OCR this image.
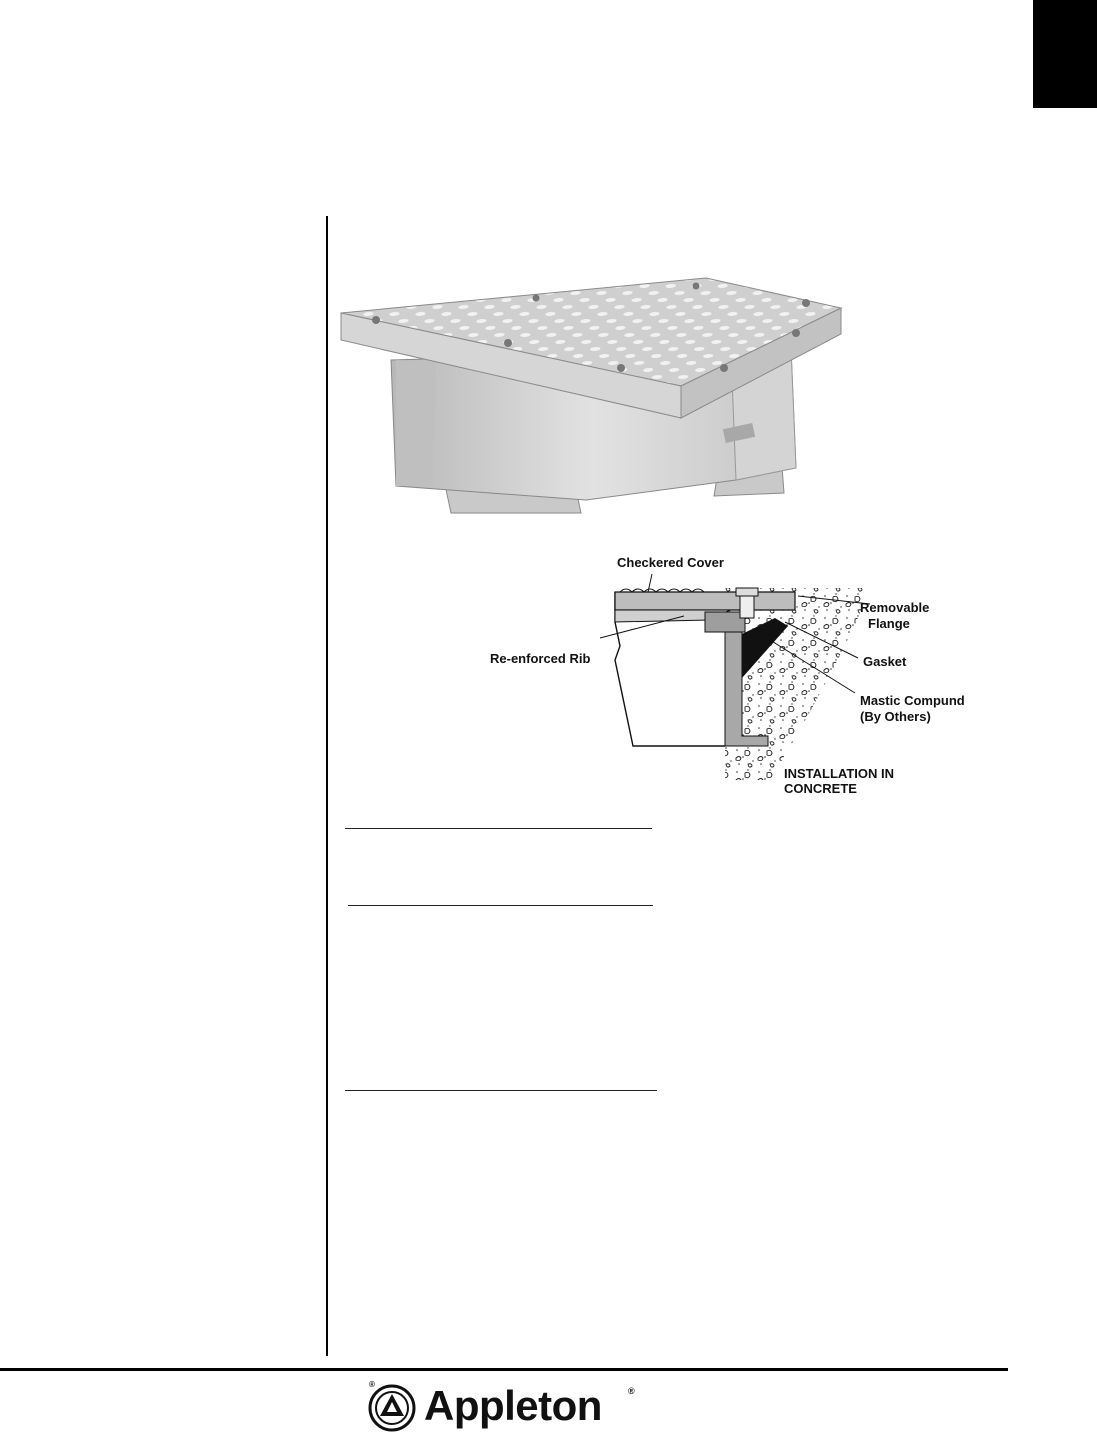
Checkered Cover
Removable
Flange
Re-enforced Rib	Gasket
Mastic Compund
(By Others)
INSTALLATION IN
CONCRETE
® Appleton	®
